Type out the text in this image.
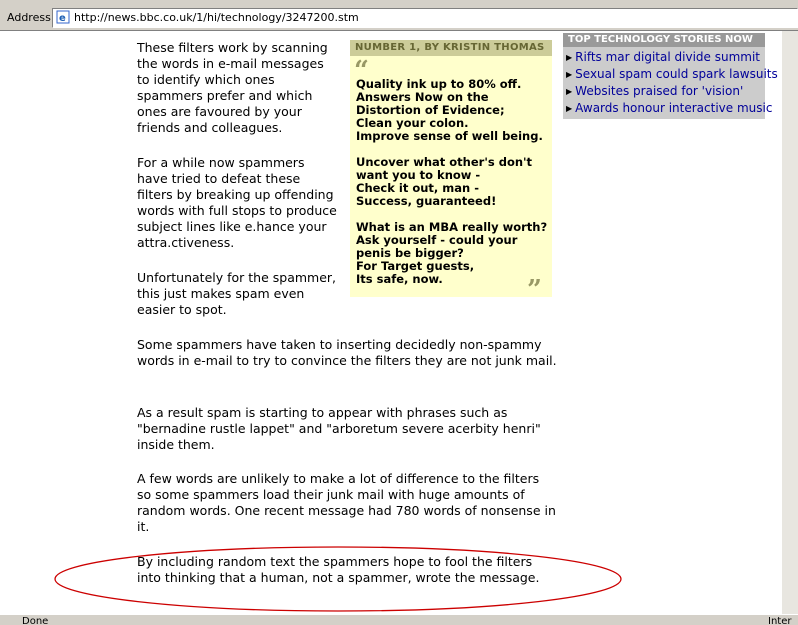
Address e http://news.bbc.co.uk/1/hi/technology/3247200.stm
These filters work by scanning the words in e-mail messages to identify which ones spammers prefer and which ones are favoured by your friends and colleagues.
For a while now spammers have tried to defeat these filters by breaking up offending words with full stops to produce subject lines like e.hance your attra.ctiveness.
Unfortunately for the spammer, this just makes spam even easier to spot.
Some spammers have taken to inserting decidedly non-spammy words in e-mail to try to convince the filters they are not junk mail.
As a result spam is starting to appear with phrases such as "bernadine rustle lappet" and "arboretum severe acerbity henri" inside them.
A few words are unlikely to make a lot of difference to the filters so some spammers load their junk mail with huge amounts of random words. One recent message had 780 words of nonsense in it.
By including random text the spammers hope to fool the filters into thinking that a human, not a spammer, wrote the message.
NUMBER 1, BY KRISTIN THOMAS
“

Quality ink up to 80% off.
Answers Now on the
Distortion of Evidence;
Clean your colon.
Improve sense of well being.

Uncover what other's don't
want you to know -
Check it out, man -
Success, guaranteed!

What is an MBA really worth?
Ask yourself - could your
penis be bigger?
For Target guests,
Its safe, now.	”
TOP TECHNOLOGY STORIES NOW
▶ Rifts mar digital divide summit
▶ Sexual spam could spark lawsuits
▶ Websites praised for 'vision'
▶ Awards honour interactive music
Done	Inter
